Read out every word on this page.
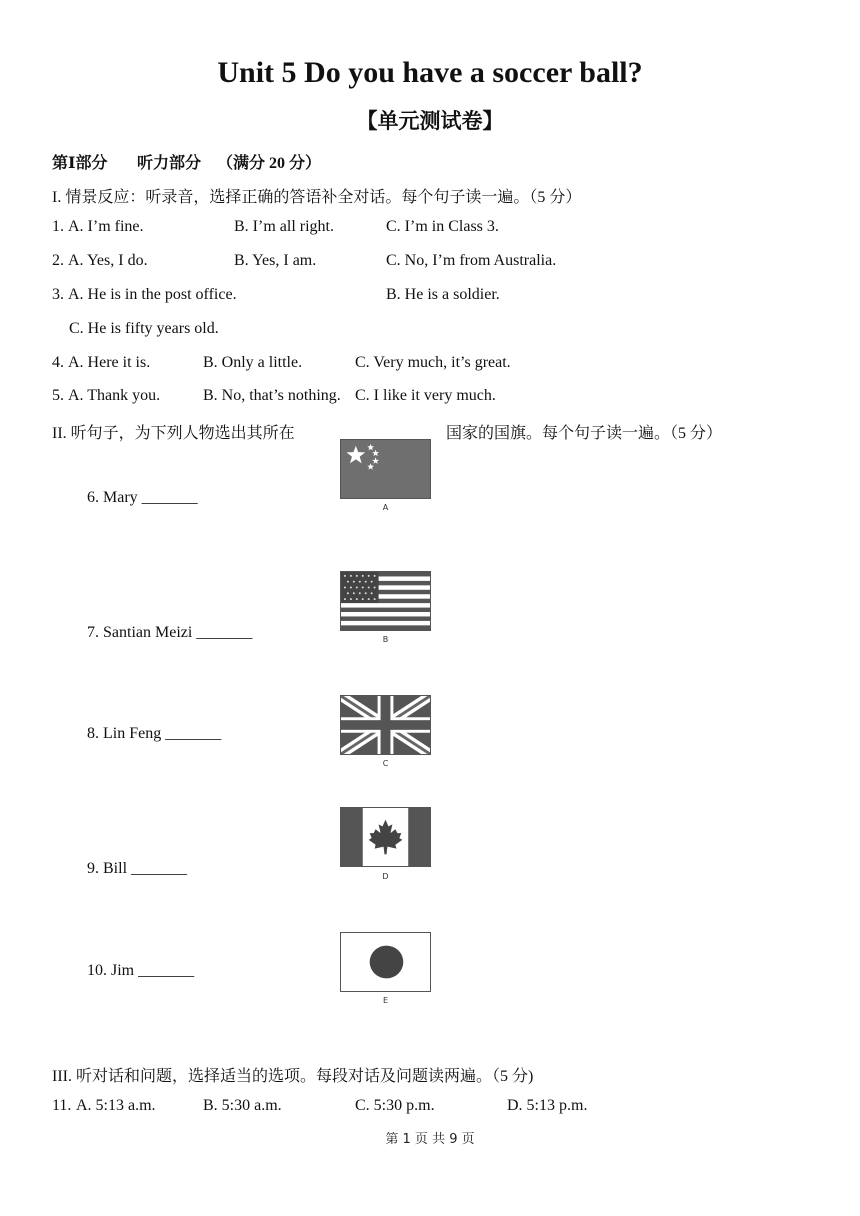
Unit 5 Do you have a soccer ball?
【单元测试卷】
第Ⅰ部分 听力部分 （满分 20 分）
I. 情景反应：听录音，选择正确的答语补全对话。每个句子读一遍。（5 分）
1. A. I’m fine.	B. I’m all right.	C. I’m in Class 3.
2. A. Yes, I do.	B. Yes, I am.	C. No, I’m from Australia.
3. A. He is in the post office.	B. He is a soldier.
C. He is fifty years old.
4. A. Here it is.	B. Only a little.	C. Very much, it’s great.
5. A. Thank you.	B. No, that’s nothing. C. I like it very much.
II. 听句子，为下列人物选出其所在	国家的国旗。每个句子读一遍。（5 分）
6. Mary _______
7. Santian Meizi _______
8. Lin Feng _______
9. Bill _______
10. Jim _______
A
B
C
D
E
III. 听对话和问题，选择适当的选项。每段对话及问题读两遍。（5 分)
11. A. 5:13 a.m.	B. 5:30 a.m.	C. 5:30 p.m.	D. 5:13 p.m.
第 1 页 共 9 页
